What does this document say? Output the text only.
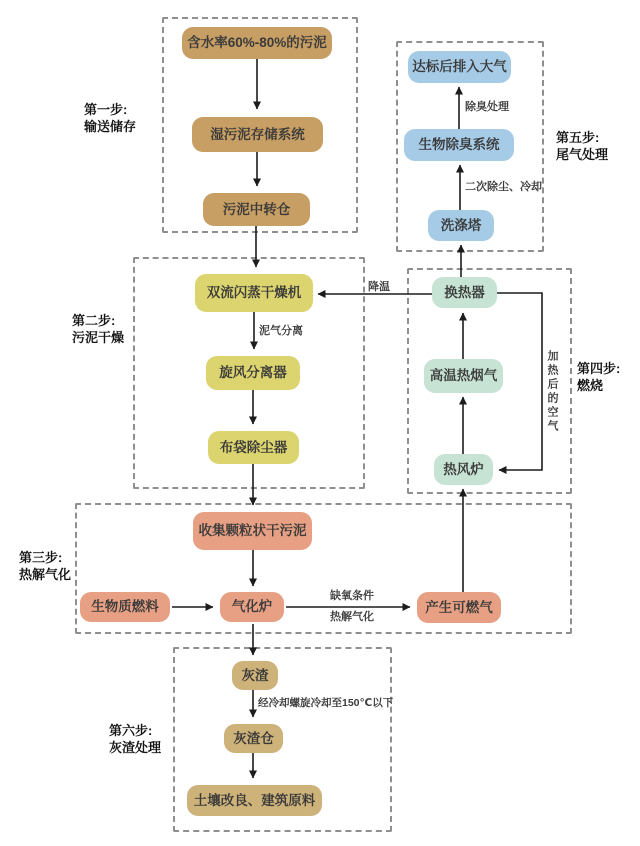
含水率60%-80%的污泥
湿污泥存储系统
污泥中转仓
双流闪蒸干燥机
旋风分离器
布袋除尘器
收集颗粒状干污泥
生物质燃料	气化炉	产生可燃气
灰渣
灰渣仓
土壤改良、建筑原料
达标后排入大气
生物除臭系统
洗涤塔
换热器
高温热烟气
热风炉
第一步:
输送储存
第二步:
污泥干燥
第三步:
热解气化
第四步:
燃烧
第五步:
尾气处理
第六步:
灰渣处理
除臭处理
二次除尘、冷却
泥气分离
降温
加热后的空气
缺氧条件
热解气化
经冷却螺旋冷却至150℃以下
